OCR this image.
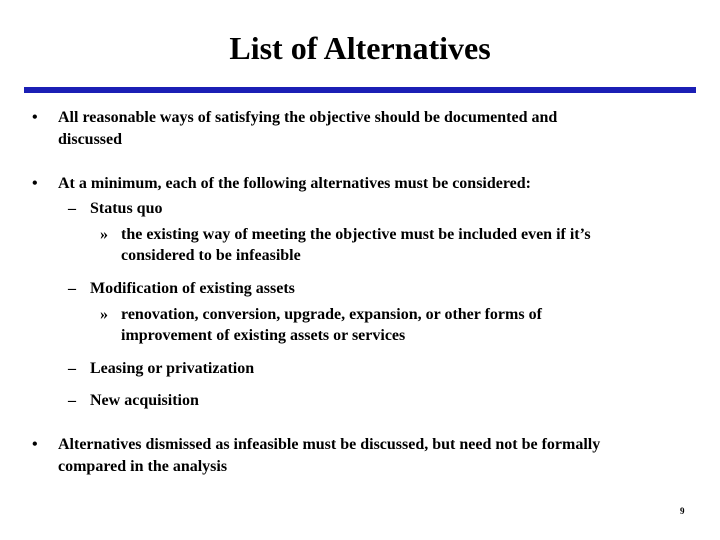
List of Alternatives
• All reasonable ways of satisfying the objective should be documented and
discussed
• At a minimum, each of the following alternatives must be considered:
– Status quo
» the existing way of meeting the objective must be included even if it’s
considered to be infeasible
– Modification of existing assets
» renovation, conversion, upgrade, expansion, or other forms of
improvement of existing assets or services
– Leasing or privatization
– New acquisition
• Alternatives dismissed as infeasible must be discussed, but need not be formally
compared in the analysis
9
